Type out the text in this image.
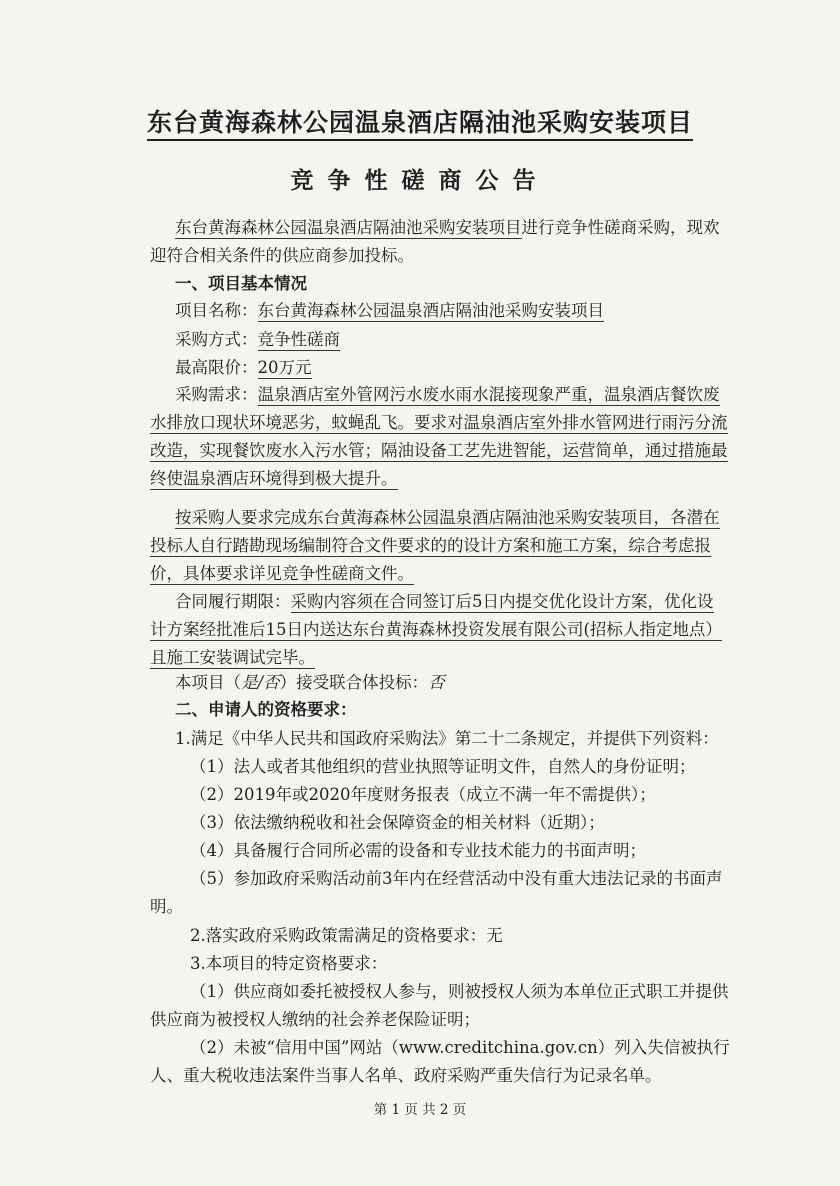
东台黄海森林公园温泉酒店隔油池采购安装项目
竞争性磋商公告
东台黄海森林公园温泉酒店隔油池采购安装项目进行竞争性磋商采购，现欢
迎符合相关条件的供应商参加投标。
一、项目基本情况
项目名称：东台黄海森林公园温泉酒店隔油池采购安装项目
采购方式：竞争性磋商
最高限价：20万元
采购需求：温泉酒店室外管网污水废水雨水混接现象严重，温泉酒店餐饮废
水排放口现状环境恶劣，蚊蝇乱飞。要求对温泉酒店室外排水管网进行雨污分流
改造，实现餐饮废水入污水管；隔油设备工艺先进智能，运营简单，通过措施最
终使温泉酒店环境得到极大提升。
按采购人要求完成东台黄海森林公园温泉酒店隔油池采购安装项目，各潜在
投标人自行踏勘现场编制符合文件要求的的设计方案和施工方案，综合考虑报
价，具体要求详见竞争性磋商文件。
合同履行期限：采购内容须在合同签订后5日内提交优化设计方案，优化设
计方案经批准后15日内送达东台黄海森林投资发展有限公司(招标人指定地点）
且施工安装调试完毕。
本项目（是/否）接受联合体投标：否
二、申请人的资格要求：
1.满足《中华人民共和国政府采购法》第二十二条规定，并提供下列资料：
（1）法人或者其他组织的营业执照等证明文件，自然人的身份证明；
（2）2019年或2020年度财务报表（成立不满一年不需提供）；
（3）依法缴纳税收和社会保障资金的相关材料（近期）；
（4）具备履行合同所必需的设备和专业技术能力的书面声明；
（5）参加政府采购活动前3年内在经营活动中没有重大违法记录的书面声
明。
2.落实政府采购政策需满足的资格要求：无
3.本项目的特定资格要求：
（1）供应商如委托被授权人参与，则被授权人须为本单位正式职工并提供
供应商为被授权人缴纳的社会养老保险证明；
（2）未被“信用中国”网站（www.creditchina.gov.cn）列入失信被执行
人、重大税收违法案件当事人名单、政府采购严重失信行为记录名单。
第 1 页 共 2 页
